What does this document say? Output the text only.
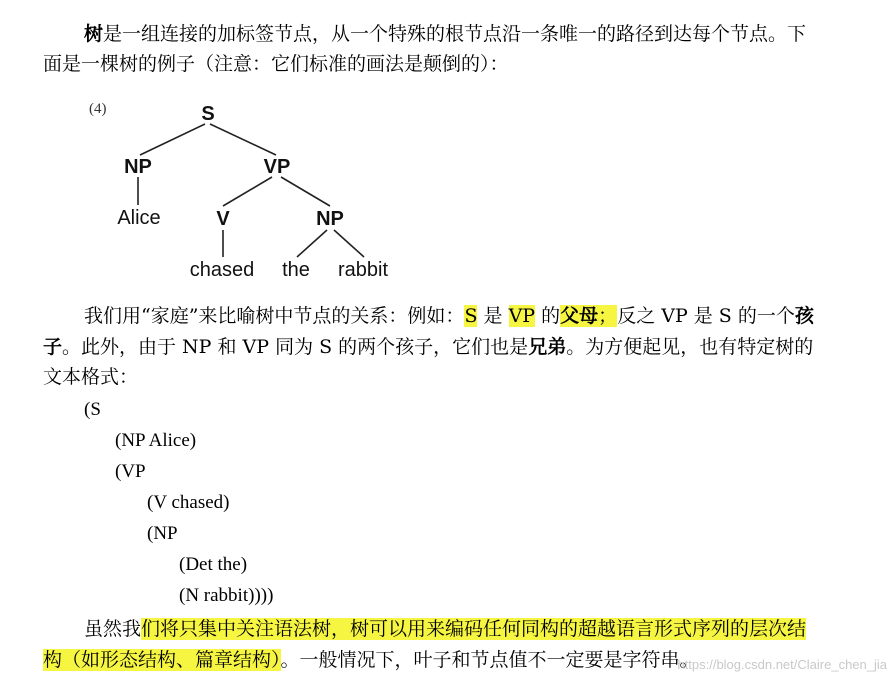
树是一组连接的加标签节点，从一个特殊的根节点沿一条唯一的路径到达每个节点。下
面是一棵树的例子（注意：它们标准的画法是颠倒的）：
(4)	S
NP	VP
Alice	V	NP
chased the rabbit
我们用“家庭”来比喻树中节点的关系：例如：S 是 VP 的父母；反之 VP 是 S 的一个孩
子。此外，由于 NP 和 VP 同为 S 的两个孩子，它们也是兄弟。为方便起见，也有特定树的
文本格式：
(S
(NP Alice)
(VP
(V chased)
(NP
(Det the)
(N rabbit))))
虽然我们将只集中关注语法树，树可以用来编码任何同构的超越语言形式序列的层次结
构（如形态结构、篇章结构）。一般情况下，叶子和节点值不一定要是字符串。
https://blog.csdn.net/Claire_chen_jia
